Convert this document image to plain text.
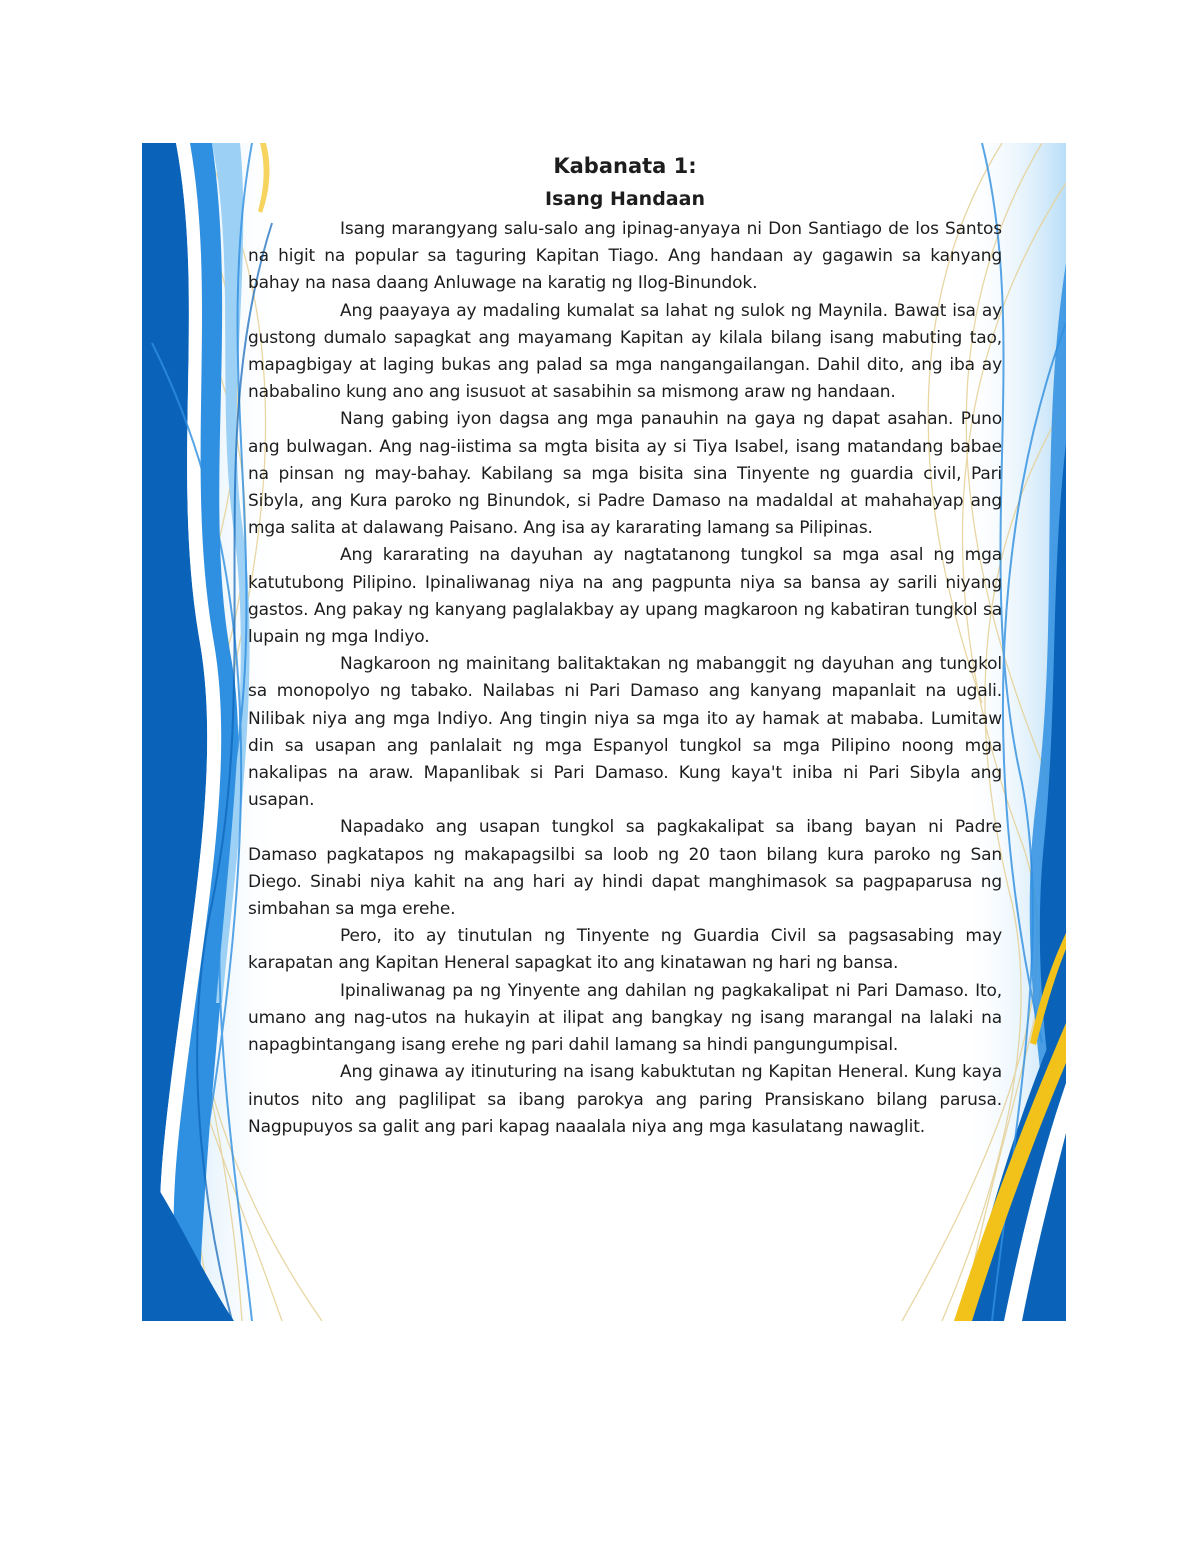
Kabanata 1:
Isang Handaan

Isang marangyang salu-salo ang ipinag-anyaya ni Don Santiago de los Santos na higit na popular sa taguring Kapitan Tiago. Ang handaan ay gagawin sa kanyang bahay na nasa daang Anluwage na karatig ng Ilog-Binundok.

Ang paayaya ay madaling kumalat sa lahat ng sulok ng Maynila. Bawat isa ay gustong dumalo sapagkat ang mayamang Kapitan ay kilala bilang isang mabuting tao, mapagbigay at laging bukas ang palad sa mga nangangailangan. Dahil dito, ang iba ay nababalino kung ano ang isusuot at sasabihin sa mismong araw ng handaan.

Nang gabing iyon dagsa ang mga panauhin na gaya ng dapat asahan. Puno ang bulwagan. Ang nag-iistima sa mgta bisita ay si Tiya Isabel, isang matandang babae na pinsan ng may-bahay. Kabilang sa mga bisita sina Tinyente ng guardia civil, Pari Sibyla, ang Kura paroko ng Binundok, si Padre Damaso na madaldal at mahahayap ang mga salita at dalawang Paisano. Ang isa ay kararating lamang sa Pilipinas.

Ang kararating na dayuhan ay nagtatanong tungkol sa mga asal ng mga katutubong Pilipino. Ipinaliwanag niya na ang pagpunta niya sa bansa ay sarili niyang gastos. Ang pakay ng kanyang paglalakbay ay upang magkaroon ng kabatiran tungkol sa lupain ng mga Indiyo.

Nagkaroon ng mainitang balitaktakan ng mabanggit ng dayuhan ang tungkol sa monopolyo ng tabako. Nailabas ni Pari Damaso ang kanyang mapanlait na ugali. Nilibak niya ang mga Indiyo. Ang tingin niya sa mga ito ay hamak at mababa. Lumitaw din sa usapan ang panlalait ng mga Espanyol tungkol sa mga Pilipino noong mga nakalipas na araw. Mapanlibak si Pari Damaso. Kung kaya't iniba ni Pari Sibyla ang usapan.

Napadako ang usapan tungkol sa pagkakalipat sa ibang bayan ni Padre Damaso pagkatapos ng makapagsilbi sa loob ng 20 taon bilang kura paroko ng San Diego. Sinabi niya kahit na ang hari ay hindi dapat manghimasok sa pagpaparusa ng simbahan sa mga erehe.

Pero, ito ay tinutulan ng Tinyente ng Guardia Civil sa pagsasabing may karapatan ang Kapitan Heneral sapagkat ito ang kinatawan ng hari ng bansa.

Ipinaliwanag pa ng Yinyente ang dahilan ng pagkakalipat ni Pari Damaso. Ito, umano ang nag-utos na hukayin at ilipat ang bangkay ng isang marangal na lalaki na napagbintangang isang erehe ng pari dahil lamang sa hindi pangungumpisal.

Ang ginawa ay itinuturing na isang kabuktutan ng Kapitan Heneral. Kung kaya inutos nito ang paglilipat sa ibang parokya ang paring Pransiskano bilang parusa. Nagpupuyos sa galit ang pari kapag naaalala niya ang mga kasulatang nawaglit.
